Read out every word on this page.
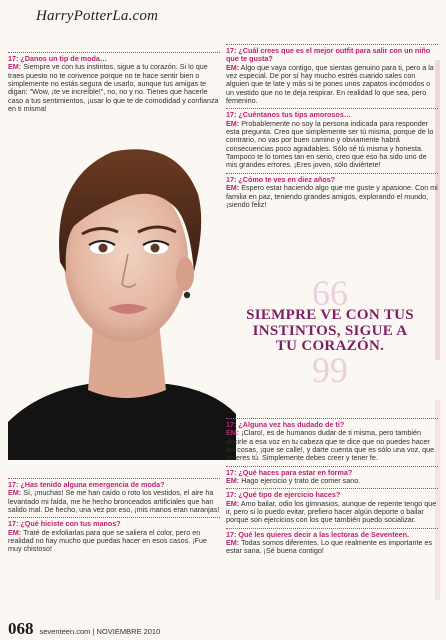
HarryPotterLa.com

17: ¿Danos un tip de moda…

EM: Siempre ve con tus instintos, sigue a tu corazón. Si lo que traes puesto no te convence porque no te hace sentir bien o simplemente no estás segura de usarlo, aunque tus amigas te digan: "Wow, ¡te ve increíble!", no, no y no. Tienes que hacerle caso a tus sentimientos, ¡usar lo que te de comodidad y confianza en ti misma!

17: ¿Has tenido alguna emergencia de moda?

EM: Sí, ¡muchas! Se me han caído o roto los vestidos, el aire ha levantado mi falda, me he hecho bronceados artificiales que han salido mal. De hecho, una vez por eso, ¡mis manos eran naranjas!

17: ¿Qué hiciste con tus manos?

EM: Traté de exfoliarlas para que se saliera el color, pero en realidad no hay mucho que puedas hacer en esos casos. ¡Fue muy chistoso!

17: ¿Cuál crees que es el mejor outfit para salir con un niño que te gusta?

EM: Algo que vaya contigo, que sientas genuino para ti, pero a la vez especial. De por sí hay mucho estrés cuando sales con alguien que te late y más si te pones unos zapatos incómodos o un vestido que no te deja respirar. En realidad lo que sea, pero femenino.

17: ¿Cuéntanos tus tips amorosos…

EM: Probablemente no soy la persona indicada para responder esta pregunta. Creo que simplemente ser tú misma, porque de lo contrario, no vas por buen camino y obviamente habrá consecuencias poco agradables. Sólo sé tú misma y honesta. Tampoco te lo tomes tan en serio, creo que eso ha sido uno de mis grandes errores. ¡Eres joven, sólo diviértete!

17: ¿Cómo te ves en diez años?

EM: Espero estar haciendo algo que me guste y apasione. Con mi familia en paz, teniendo grandes amigos, explorando el mundo, ¡siendo feliz!

66
SIEMPRE VE CON TUS INSTINTOS, SIGUE A TU CORAZÓN.
99

17: ¿Alguna vez has dudado de ti?

EM: ¡Claro!, es de humanos dudar de ti misma, pero también decirle a esa voz en tu cabeza que te dice que no puedes hacer las cosas, ¡que se calle!, y darte cuenta que es sólo una voz, que no eres tú. Simplemente debes creer y tener fe.

17: ¿Qué haces para estar en forma?

EM: Hago ejercicio y trato de comer sano.

17: ¿Qué tipo de ejercicio haces?

EM: Amo bailar, odio los gimnasios, aunque de repente tengo que ir, pero si lo puedo evitar, prefiero hacer algún deporte o bailar porque son ejercicios con los que también puedo socializar.

17: Qué les quieres decir a las lectoras de Seventeen.

EM: Todas somos diferentes. Lo que realmente es importante es estar sana. ¡Sé buena contigo!

068 seventeen.com | NOVIEMBRE 2010
